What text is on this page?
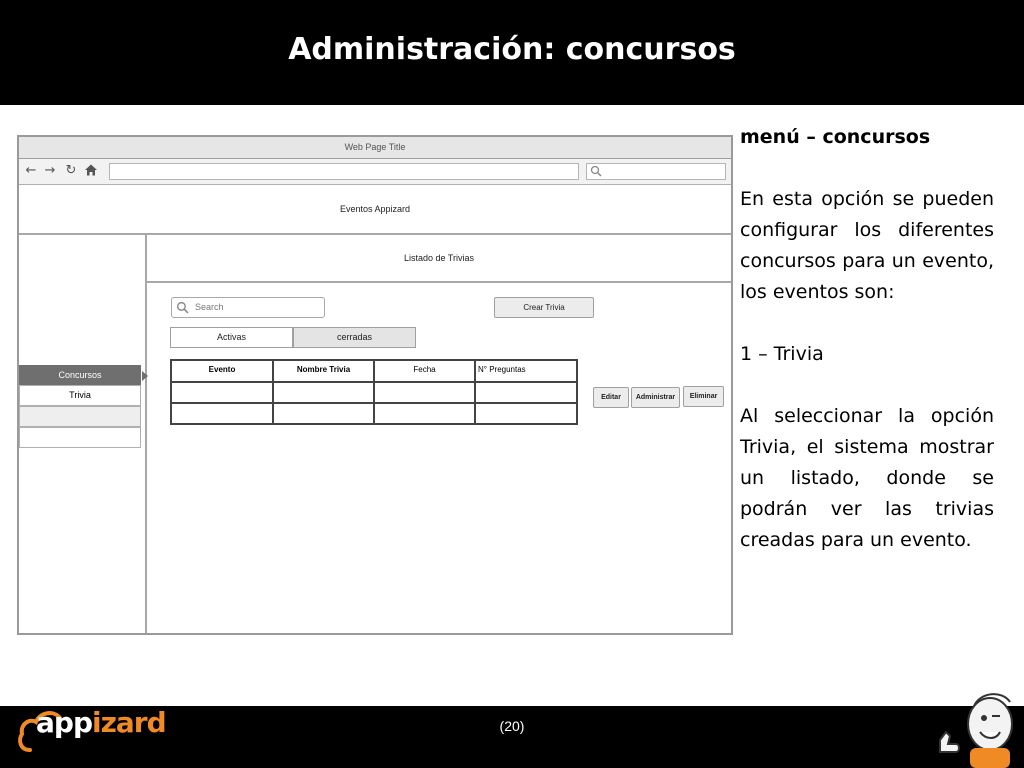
Administración: concursos
Web Page Title
← → ↻
Eventos Appizard
Concursos
Trivia
Listado de Trivias
Search	Crear Trivia
Activas	cerradas
Evento	Nombre Trivia	Fecha	N° Preguntas
Editar	Administrar	Eliminar
menú – concursos

En esta opción se pueden configurar los diferentes concursos para un evento, los eventos son:

1 – Trivia

Al seleccionar la opción Trivia, el sistema mostrar un listado, donde se podrán ver las trivias creadas para un evento.

(20)
appizard
